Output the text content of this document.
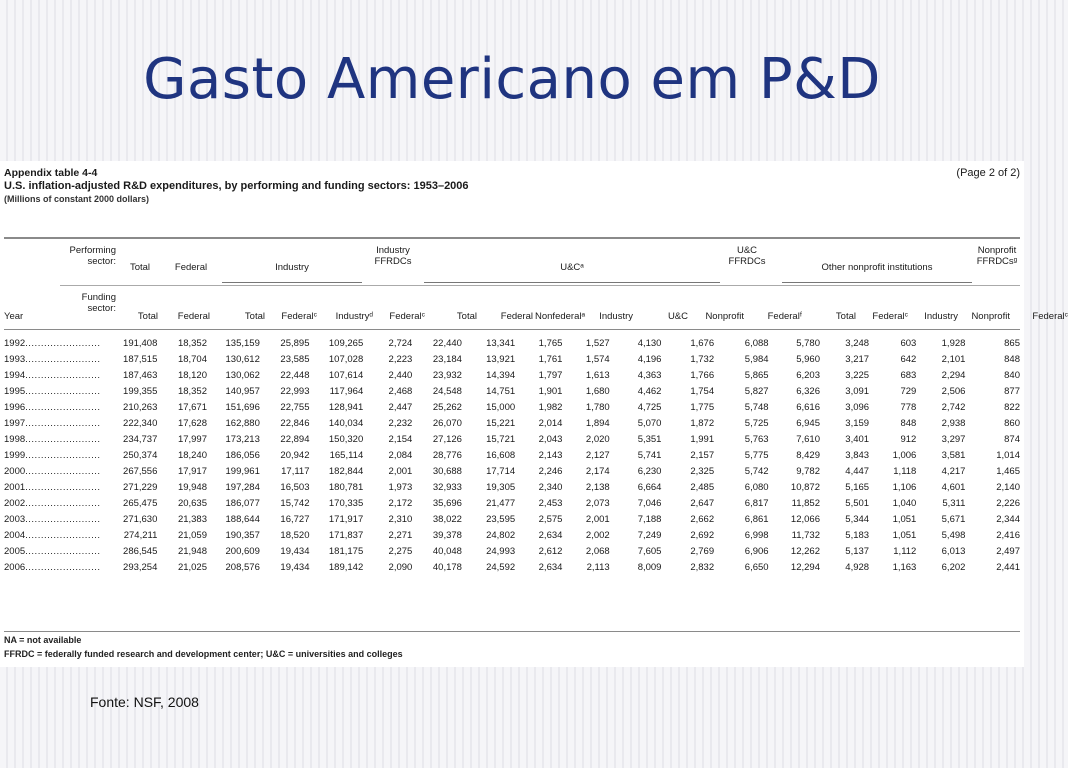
Gasto Americano em P&D
Appendix table 4-4
U.S. inflation-adjusted R&D expenditures, by performing and funding sectors: 1953–2006
(Millions of constant 2000 dollars)
(Page 2 of 2)
Performing
sector:
Total	Federal	Industry
Industry
FFRDCs
U&Cᵃ
U&C
FFRDCs
Other nonprofit institutions
Nonprofit
FFRDCsᵍ
Year
Funding
sector:
Total	Federal	Total	Federalᶜ	Industryᵈ	Federalᶜ	Total	Federal Nonfederalᵃ	Industry	U&C	Nonprofit	Federalᶠ	Total	Federalᶜ	Industry	Nonprofit	Federalᶜ
1992........................	191,408	18,352	135,159	25,895	109,265	2,724	22,440	13,341	1,765	1,527	4,130	1,676	6,088	5,780	3,248	603	1,928	865
1993........................	187,515	18,704	130,612	23,585	107,028	2,223	23,184	13,921	1,761	1,574	4,196	1,732	5,984	5,960	3,217	642	2,101	848
1994........................	187,463	18,120	130,062	22,448	107,614	2,440	23,932	14,394	1,797	1,613	4,363	1,766	5,865	6,203	3,225	683	2,294	840
1995........................	199,355	18,352	140,957	22,993	117,964	2,468	24,548	14,751	1,901	1,680	4,462	1,754	5,827	6,326	3,091	729	2,506	877
1996........................	210,263	17,671	151,696	22,755	128,941	2,447	25,262	15,000	1,982	1,780	4,725	1,775	5,748	6,616	3,096	778	2,742	822
1997........................	222,340	17,628	162,880	22,846	140,034	2,232	26,070	15,221	2,014	1,894	5,070	1,872	5,725	6,945	3,159	848	2,938	860
1998........................	234,737	17,997	173,213	22,894	150,320	2,154	27,126	15,721	2,043	2,020	5,351	1,991	5,763	7,610	3,401	912	3,297	874
1999........................	250,374	18,240	186,056	20,942	165,114	2,084	28,776	16,608	2,143	2,127	5,741	2,157	5,775	8,429	3,843	1,006	3,581	1,014
2000........................	267,556	17,917	199,961	17,117	182,844	2,001	30,688	17,714	2,246	2,174	6,230	2,325	5,742	9,782	4,447	1,118	4,217	1,465
2001........................	271,229	19,948	197,284	16,503	180,781	1,973	32,933	19,305	2,340	2,138	6,664	2,485	6,080	10,872	5,165	1,106	4,601	2,140
2002........................	265,475	20,635	186,077	15,742	170,335	2,172	35,696	21,477	2,453	2,073	7,046	2,647	6,817	11,852	5,501	1,040	5,311	2,226
2003........................	271,630	21,383	188,644	16,727	171,917	2,310	38,022	23,595	2,575	2,001	7,188	2,662	6,861	12,066	5,344	1,051	5,671	2,344
2004........................	274,211	21,059	190,357	18,520	171,837	2,271	39,378	24,802	2,634	2,002	7,249	2,692	6,998	11,732	5,183	1,051	5,498	2,416
2005........................	286,545	21,948	200,609	19,434	181,175	2,275	40,048	24,993	2,612	2,068	7,605	2,769	6,906	12,262	5,137	1,112	6,013	2,497
2006........................	293,254	21,025	208,576	19,434	189,142	2,090	40,178	24,592	2,634	2,113	8,009	2,832	6,650	12,294	4,928	1,163	6,202	2,441
NA = not available
FFRDC = federally funded research and development center; U&C = universities and colleges
Fonte: NSF, 2008
